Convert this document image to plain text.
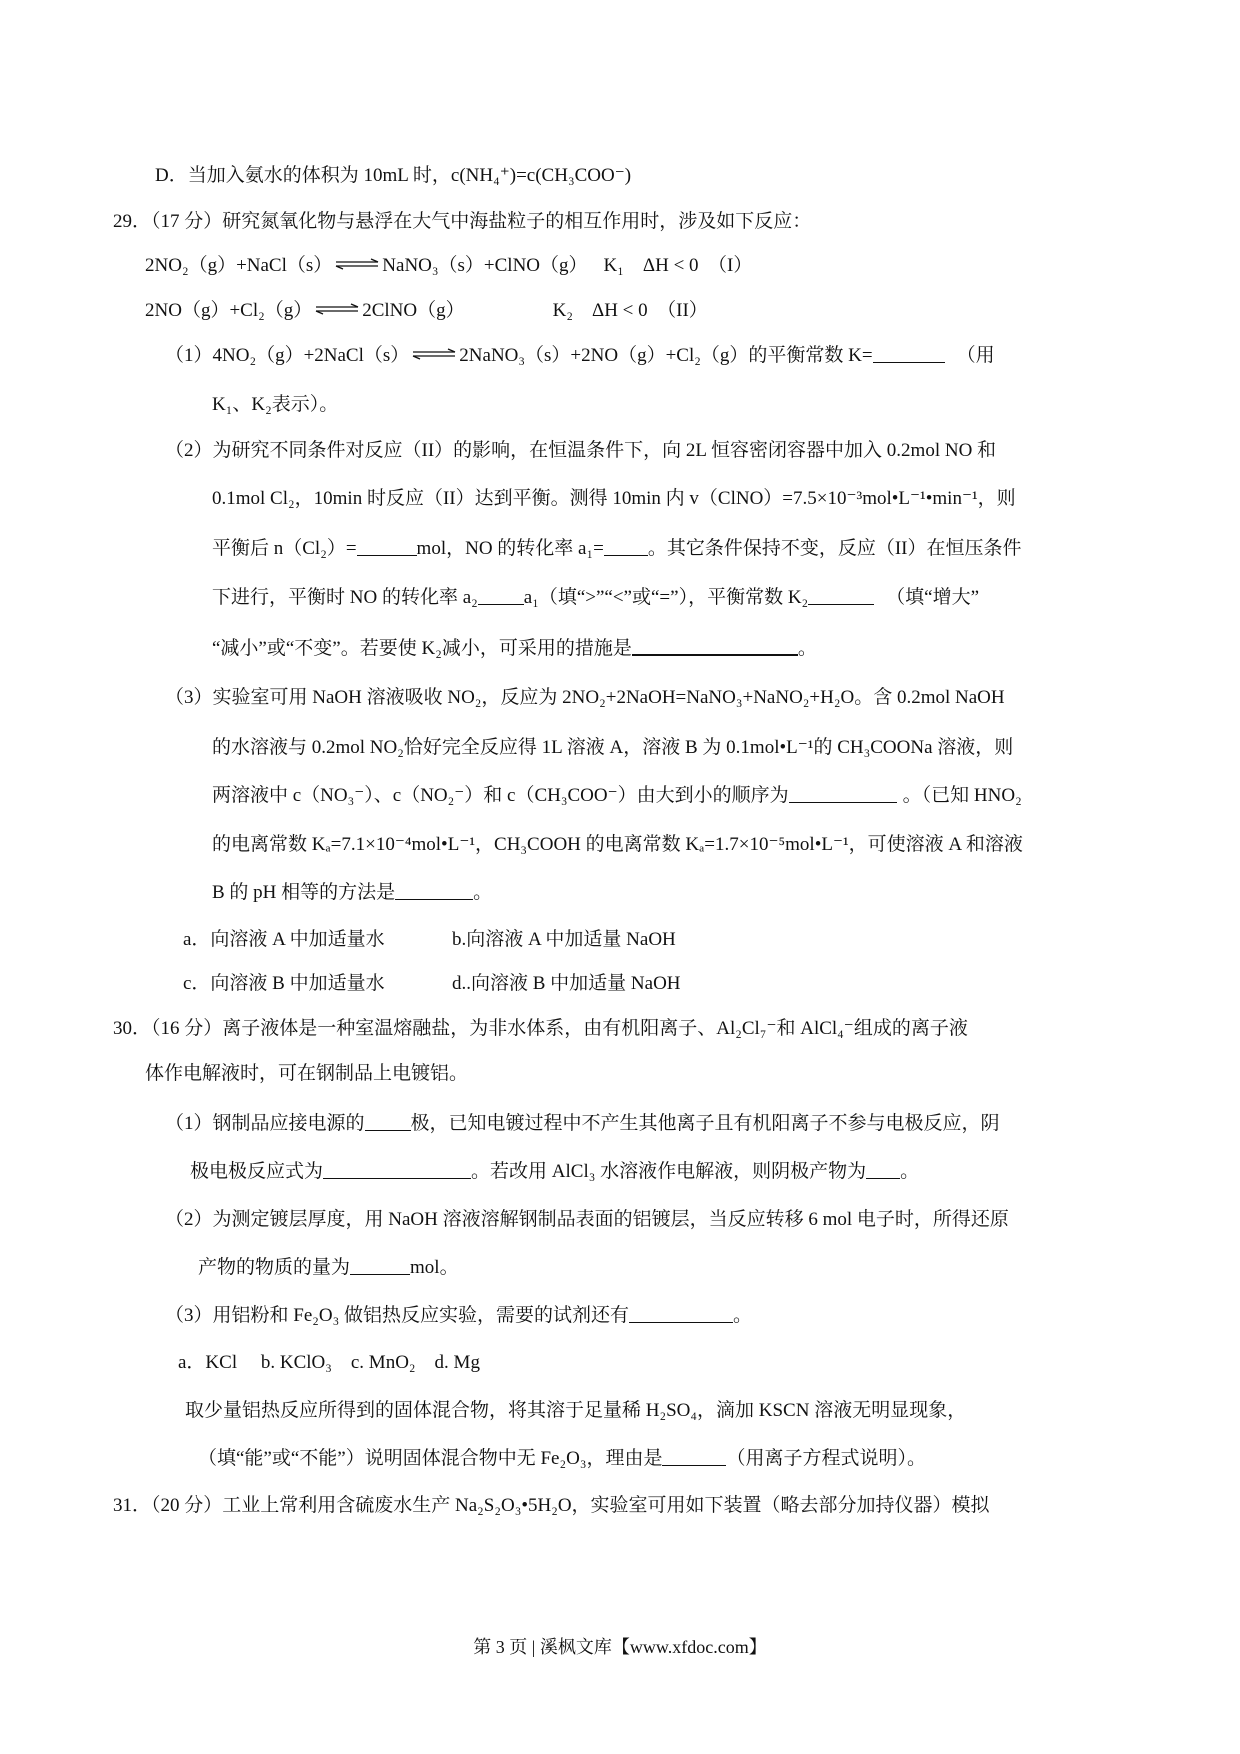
D．当加入氨水的体积为 10mL 时，c(NH₄⁺)=c(CH₃COO⁻)
29．（17 分）研究氮氧化物与悬浮在大气中海盐粒子的相互作用时，涉及如下反应：
2NO₂（g）+NaCl（s） ⇌ NaNO₃（s）+ClNO（g） K₁　ΔH < 0　（I）
2NO（g）+Cl₂（g） ⇌ 2ClNO（g）	K₂　ΔH < 0　（II）
（1）4NO₂（g）+2NaCl（s） ⇌ 2NaNO₃（s）+2NO（g）+Cl₂（g）的平衡常数 K=	（用
K₁、K₂表示）。
（2）为研究不同条件对反应（II）的影响，在恒温条件下，向 2L 恒容密闭容器中加入 0.2mol NO 和
0.1mol Cl₂，10min 时反应（II）达到平衡。测得 10min 内 v（ClNO）=7.5×10⁻³mol•L⁻¹•min⁻¹，则
平衡后 n（Cl₂）=	mol，NO 的转化率 a₁= 。其它条件保持不变，反应（II）在恒压条件
下进行，平衡时 NO 的转化率 a₂ a₁（填“>”“<”或“=”），平衡常数 K₂	（填“增大”
“减小”或“不变”。若要使 K₂减小，可采用的措施是	。
（3）实验室可用 NaOH 溶液吸收 NO₂，反应为 2NO₂+2NaOH=NaNO₃+NaNO₂+H₂O。含 0.2mol NaOH
的水溶液与 0.2mol NO₂恰好完全反应得 1L 溶液 A，溶液 B 为 0.1mol•L⁻¹的 CH₃COONa 溶液，则
两溶液中 c（NO₃⁻）、c（NO₂⁻）和 c（CH₃COO⁻）由大到小的顺序为	。（已知 HNO₂
的电离常数 Kₐ=7.1×10⁻⁴mol•L⁻¹，CH₃COOH 的电离常数 Kₐ=1.7×10⁻⁵mol•L⁻¹，可使溶液 A 和溶液
B 的 pH 相等的方法是	。
a．向溶液 A 中加适量水	b.向溶液 A 中加适量 NaOH
c．向溶液 B 中加适量水	d..向溶液 B 中加适量 NaOH
30．（16 分）离子液体是一种室温熔融盐，为非水体系，由有机阳离子、Al₂Cl₇⁻和 AlCl₄⁻组成的离子液
体作电解液时，可在钢制品上电镀铝。
（1）钢制品应接电源的 极，已知电镀过程中不产生其他离子且有机阳离子不参与电极反应，阴
极电极反应式为	。若改用 AlCl₃ 水溶液作电解液，则阴极产物为 。
（2）为测定镀层厚度，用 NaOH 溶液溶解钢制品表面的铝镀层，当反应转移 6 mol 电子时，所得还原
产物的物质的量为	mol。
（3）用铝粉和 Fe₂O₃ 做铝热反应实验，需要的试剂还有	。
a．KCl　 b. KClO₃　c. MnO₂　d. Mg
取少量铝热反应所得到的固体混合物，将其溶于足量稀 H₂SO₄，滴加 KSCN 溶液无明显现象，
（填“能”或“不能”）说明固体混合物中无 Fe₂O₃，理由是	（用离子方程式说明）。
31．（20 分）工业上常利用含硫废水生产 Na₂S₂O₃•5H₂O，实验室可用如下装置（略去部分加持仪器）模拟
第 3 页 | 溪枫文库【www.xfdoc.com】
